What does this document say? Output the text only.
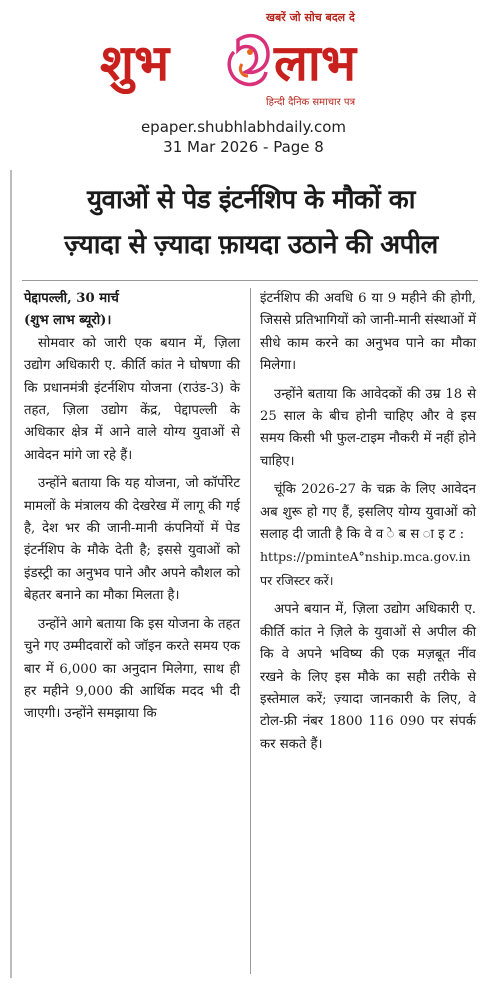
खबरें जो सोच बदल दे
शुभ लाभ
हिन्दी दैनिक समाचार पत्र
epaper.shubhlabhdaily.com
31 Mar 2026 - Page 8
युवाओं से पेड इंटर्नशिप के मौकों का
ज़्यादा से ज़्यादा फ़ायदा उठाने की अपील

पेद्दापल्ली, 30 मार्च

(शुभ लाभ ब्यूरो)।

सोमवार को जारी एक बयान में, ज़िला उद्योग अधिकारी ए. कीर्ति कांत ने घोषणा की कि प्रधानमंत्री इंटर्नशिप योजना (राउंड-3) के तहत, ज़िला उद्योग केंद्र, पेद्दापल्ली के अधिकार क्षेत्र में आने वाले योग्य युवाओं से आवेदन मांगे जा रहे हैं।

उन्होंने बताया कि यह योजना, जो कॉर्पोरेट मामलों के मंत्रालय की देखरेख में लागू की गई है, देश भर की जानी-मानी कंपनियों में पेड इंटर्नशिप के मौके देती है; इससे युवाओं को इंडस्ट्री का अनुभव पाने और अपने कौशल को बेहतर बनाने का मौका मिलता है।

उन्होंने आगे बताया कि इस योजना के तहत चुने गए उम्मीदवारों को जॉइन करते समय एक बार में 6,000 का अनुदान मिलेगा, साथ ही हर महीने 9,000 की आर्थिक मदद भी दी जाएगी। उन्होंने समझाया कि

इंटर्नशिप की अवधि 6 या 9 महीने की होगी, जिससे प्रतिभागियों को जानी-मानी संस्थाओं में सीधे काम करने का अनुभव पाने का मौका मिलेगा।

उन्होंने बताया कि आवेदकों की उम्र 18 से 25 साल के बीच होनी चाहिए और वे इस समय किसी भी फुल-टाइम नौकरी में नहीं होने चाहिए।

चूंकि 2026-27 के चक्र के लिए आवेदन अब शुरू हो गए हैं, इसलिए योग्य युवाओं को सलाह दी जाती है कि वे व े ब स ा इ ट :

https://pminteA°nship.mca.gov.in पर रजिस्टर करें।

अपने बयान में, ज़िला उद्योग अधिकारी ए. कीर्ति कांत ने ज़िले के युवाओं से अपील की कि वे अपने भविष्य की एक मज़बूत नींव रखने के लिए इस मौके का सही तरीके से इस्तेमाल करें; ज़्यादा जानकारी के लिए, वे टोल-फ्री नंबर 1800 116 090 पर संपर्क कर सकते हैं।
